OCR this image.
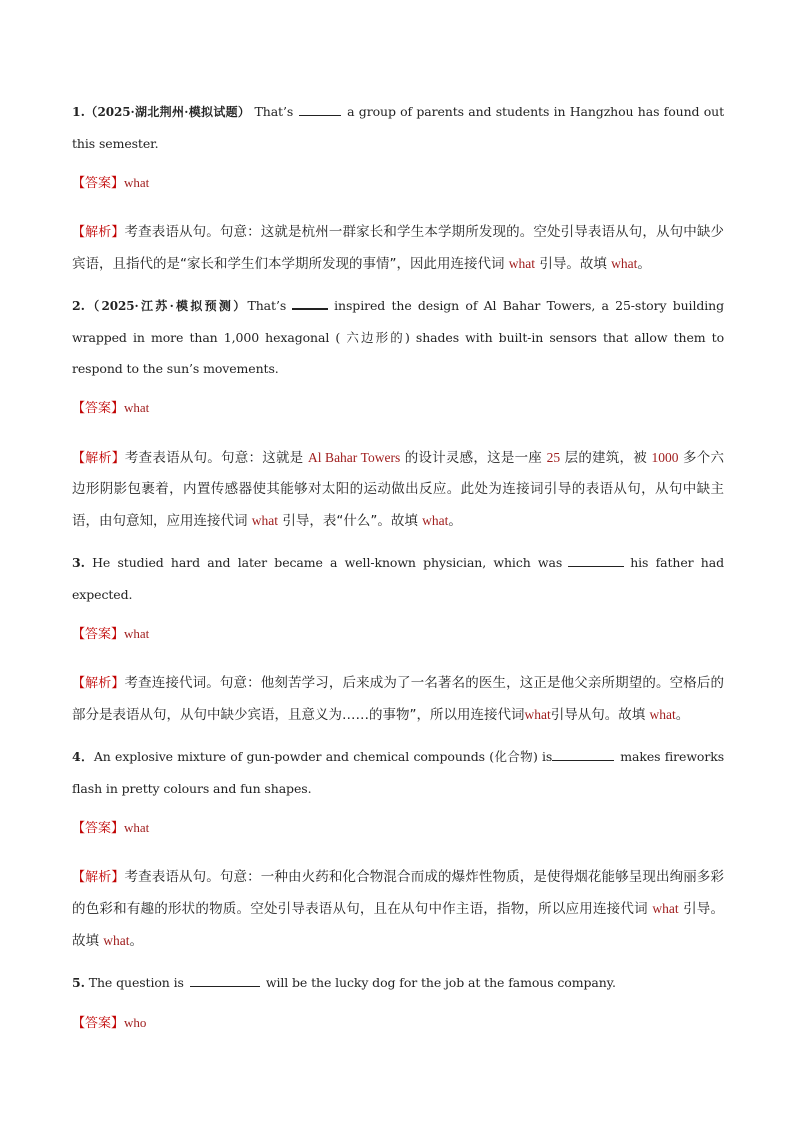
1.（2025·湖北荆州·模拟试题） That’s	a group of parents and students in Hangzhou has found out this semester.

【答案】what

【解析】考查表语从句。句意：这就是杭州一群家长和学生本学期所发现的。空处引导表语从句，从句中缺少宾语，且指代的是“家长和学生们本学期所发现的事情”，因此用连接代词 what 引导。故填 what。

2.（2025·江苏·模拟预测）That’s	inspired the design of Al Bahar Towers, a 25-story building wrapped in more than 1,000 hexagonal ( 六边形的) shades with built-in sensors that allow them to respond to the sun’s movements.

【答案】what

【解析】考查表语从句。句意：这就是 Al Bahar Towers 的设计灵感，这是一座 25 层的建筑，被 1000 多个六边形阴影包裹着，内置传感器使其能够对太阳的运动做出反应。此处为连接词引导的表语从句，从句中缺主语，由句意知，应用连接代词 what 引导，表“什么”。故填 what。

3. He studied hard and later became a well-known physician, which was	his father had expected.

【答案】what

【解析】考查连接代词。句意：他刻苦学习，后来成为了一名著名的医生，这正是他父亲所期望的。空格后的部分是表语从句，从句中缺少宾语，且意义为……的事物”，所以用连接代词what引导从句。故填 what。

4．An explosive mixture of gun-powder and chemical compounds (化合物) is	makes fireworks flash in pretty colours and fun shapes.

【答案】what

【解析】考查表语从句。句意：一种由火药和化合物混合而成的爆炸性物质，是使得烟花能够呈现出绚丽多彩的色彩和有趣的形状的物质。空处引导表语从句，且在从句中作主语，指物，所以应用连接代词 what 引导。故填 what。

5. The question is	will be the lucky dog for the job at the famous company.

【答案】who
